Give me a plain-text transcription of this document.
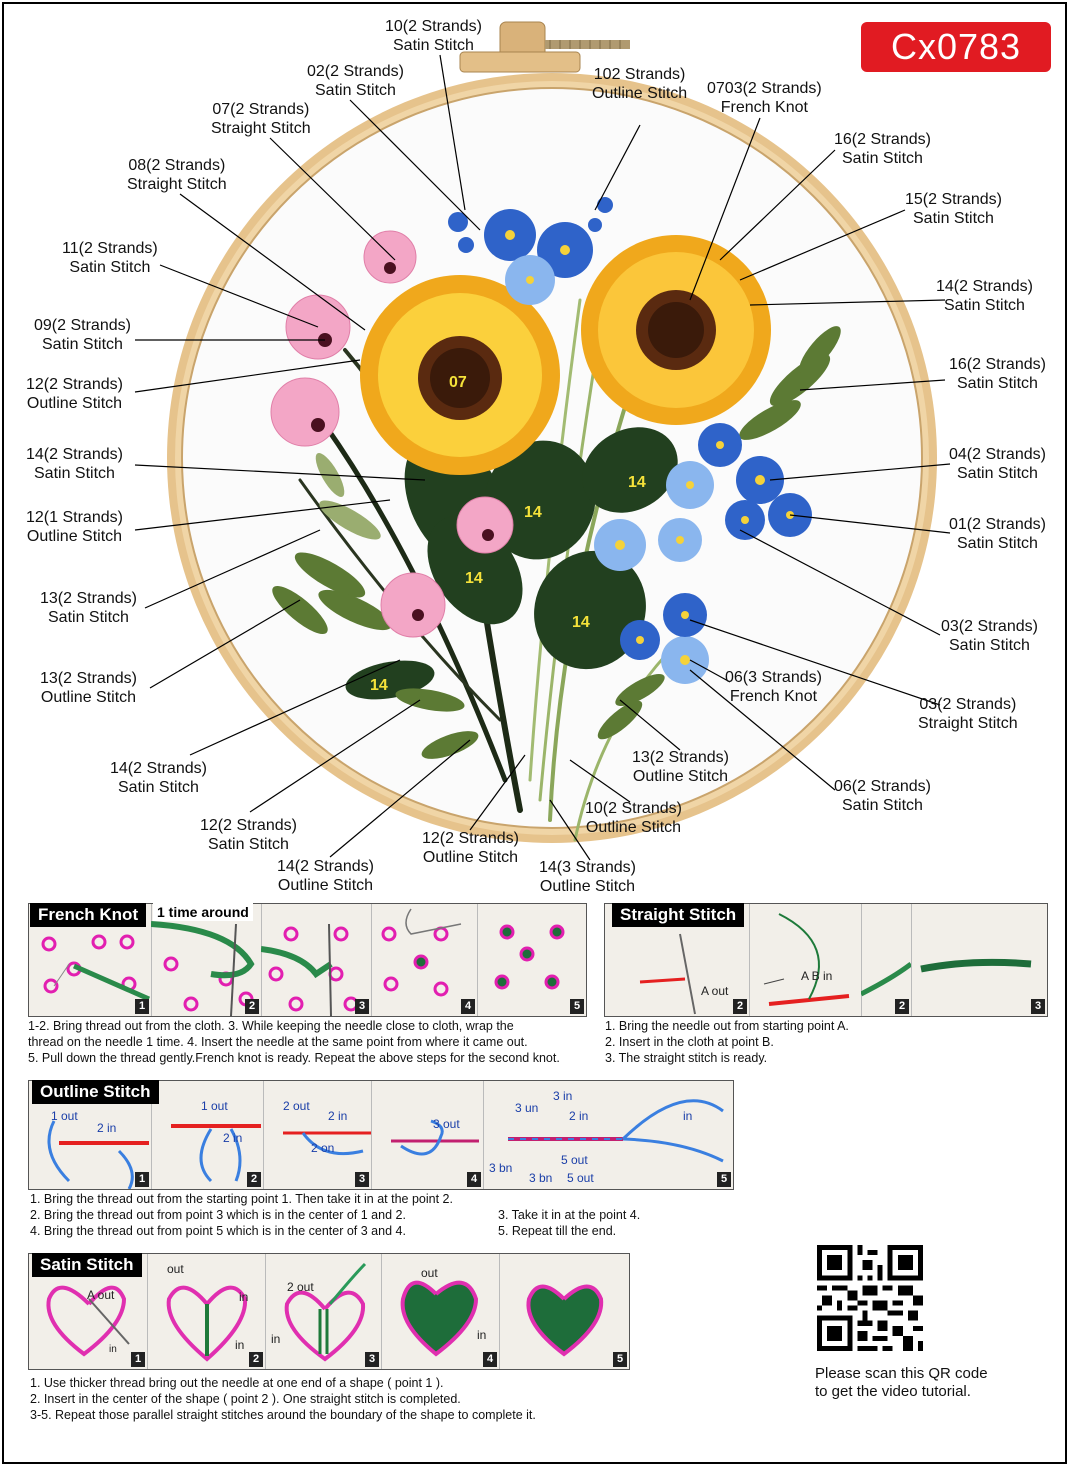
Cx0783
07
14
14
14
14
14
10(2 Strands)
Satin Stitch
102 Strands)
Outline Stitch 0703(2 Strands)
French Knot
02(2 Strands)
Satin Stitch
07(2 Strands)
Straight Stitch
08(2 Strands)
Straight Stitch
11(2 Strands)
Satin Stitch
09(2 Strands)
Satin Stitch
12(2 Strands)
Outline Stitch
14(2 Strands)
Satin Stitch
12(1 Strands)
Outline Stitch
13(2 Strands)
Satin Stitch
13(2 Strands)
Outline Stitch
14(2 Strands)
Satin Stitch
12(2 Strands)
Satin Stitch
14(2 Strands)
Outline Stitch
12(2 Strands)
Outline Stitch
14(3 Strands)
Outline Stitch
10(2 Strands)
Outline Stitch
13(2 Strands)
Outline Stitch
06(3 Strands)
French Knot
06(2 Strands)
Satin Stitch
03(2 Strands)
Straight Stitch
03(2 Strands)
Satin Stitch
01(2 Strands)
Satin Stitch
04(2 Strands)
Satin Stitch
16(2 Strands)
Satin Stitch
14(2 Strands)
Satin Stitch
15(2 Strands)
Satin Stitch
16(2 Strands)
Satin Stitch
1	2	3	4	5
French Knot	1 time around
1-2. Bring thread out from the cloth. 3. While keeping the needle close to cloth, wrap the
thread on the needle 1 time. 4. Insert the needle at the same point from where it came out.
5. Pull down the thread gently.French knot is ready. Repeat the above steps for the second knot.
A out
2
A B in
2	3
Straight Stitch
1. Bring the needle out from starting point A.
2. Insert in the cloth at point B.
3. The straight stitch is ready.
1 out
2 in
1
1 out
2 in
2
2 out
2 in
2 on
3
3 out
4
3 un
3 in
2 in	in
3 bn
5 out
3 bn 5 out	5
Outline Stitch
1. Bring the thread out from the starting point 1. Then take it in at the point 2.
2. Bring the thread out from point 3 which is in the center of 1 and 2.
4. Bring the thread out from point 5 which is in the center of 3 and 4.
3. Take it in at the point 4.
5. Repeat till the end.
A out
in
1
out
in
in
2
2 out
in
3
out
in
4	5
Satin Stitch
1. Use thicker thread bring out the needle at one end of a shape ( point 1 ).
2. Insert in the center of the shape ( point 2 ). One straight stitch is completed.
3-5. Repeat those parallel straight stitches around the boundary of the shape to complete it.
Please scan this QR code
to get the video tutorial.
